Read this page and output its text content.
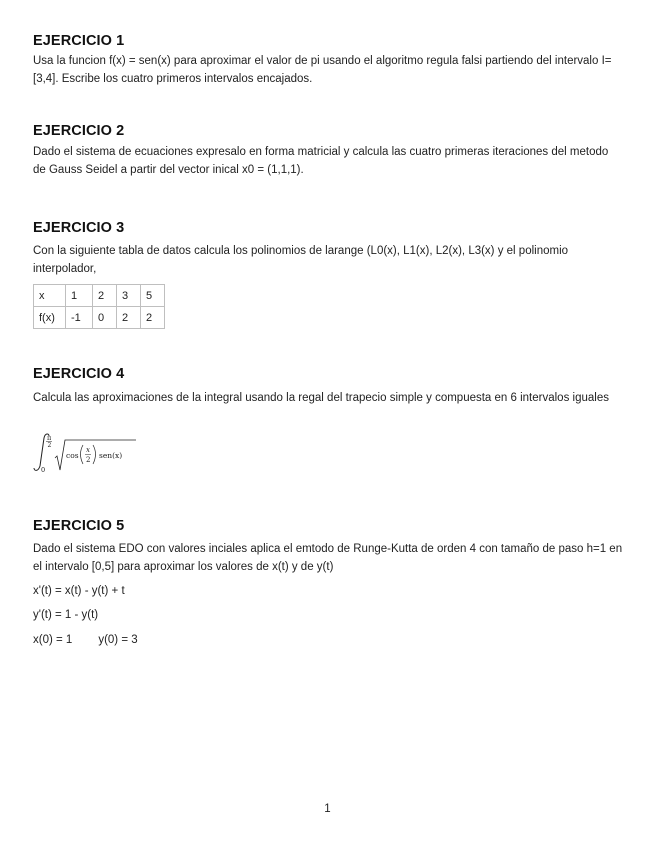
EJERCICIO 1
Usa la funcion f(x) = sen(x) para aproximar el valor de pi usando el algoritmo regula falsi partiendo del intervalo I=[3,4]. Escribe los cuatro primeros intervalos encajados.
EJERCICIO 2
Dado el sistema de ecuaciones expresalo en forma matricial y calcula las cuatro primeras iteraciones del metodo de Gauss Seidel a partir del vector inical x0 = (1,1,1).
EJERCICIO 3
Con la siguiente tabla de datos calcula los polinomios de larange (L0(x), L1(x), L2(x), L3(x) y el polinomio interpolador,
x	1	2	3	5
f(x)	-1	0	2	2
EJERCICIO 4
Calcula las aproximaciones de la integral usando la regal del trapecio simple y compuesta en 6 intervalos iguales
π
2
0
cos
x
2 sen(x)
EJERCICIO 5
Dado el sistema EDO con valores inciales aplica el emtodo de Runge-Kutta de orden 4 con tamaño de paso h=1 en el intervalo [0,5] para aproximar los valores de x(t) y de y(t)
x'(t) = x(t) - y(t) + t
y'(t) = 1 - y(t)
x(0) = 1 y(0) = 3
1
